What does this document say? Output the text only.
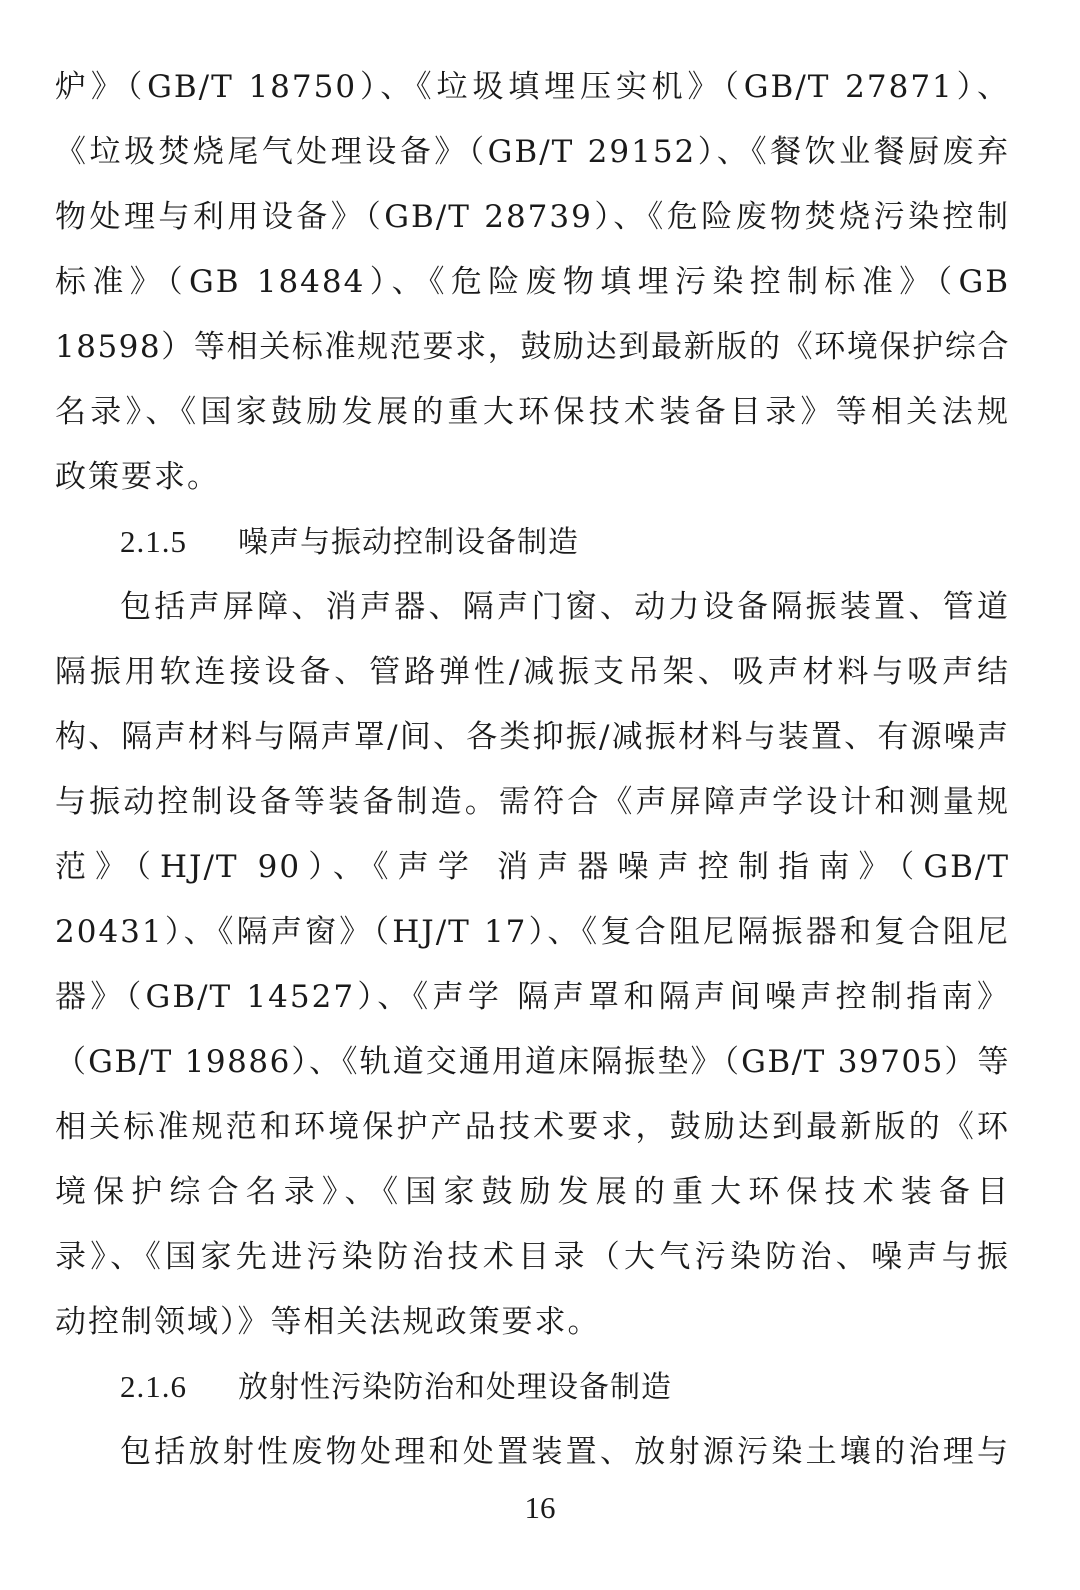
炉》（GB/T 18750）、《垃圾填埋压实机》（GB/T 27871）、
《垃圾焚烧尾气处理设备》（GB/T 29152）、《餐饮业餐厨废弃
物处理与利用设备》（GB/T 28739）、《危险废物焚烧污染控制
标准》（GB 18484）、《危险废物填埋污染控制标准》（GB
18598）等相关标准规范要求，鼓励达到最新版的《环境保护综合
名录》、《国家鼓励发展的重大环保技术装备目录》等相关法规
政策要求。
2.1.5 噪声与振动控制设备制造
包括声屏障、消声器、隔声门窗、动力设备隔振装置、管道
隔振用软连接设备、管路弹性/减振支吊架、吸声材料与吸声结
构、隔声材料与隔声罩/间、各类抑振/减振材料与装置、有源噪声
与振动控制设备等装备制造。需符合《声屏障声学设计和测量规
范》（HJ/T 90）、《声学 消声器噪声控制指南》（GB/T
20431）、《隔声窗》（HJ/T 17）、《复合阻尼隔振器和复合阻尼
器》（GB/T 14527）、《声学 隔声罩和隔声间噪声控制指南》
（GB/T 19886）、《轨道交通用道床隔振垫》（GB/T 39705）等
相关标准规范和环境保护产品技术要求，鼓励达到最新版的《环
境保护综合名录》、《国家鼓励发展的重大环保技术装备目
录》、《国家先进污染防治技术目录（大气污染防治、噪声与振
动控制领域）》等相关法规政策要求。
2.1.6 放射性污染防治和处理设备制造
包括放射性废物处理和处置装置、放射源污染土壤的治理与
16
